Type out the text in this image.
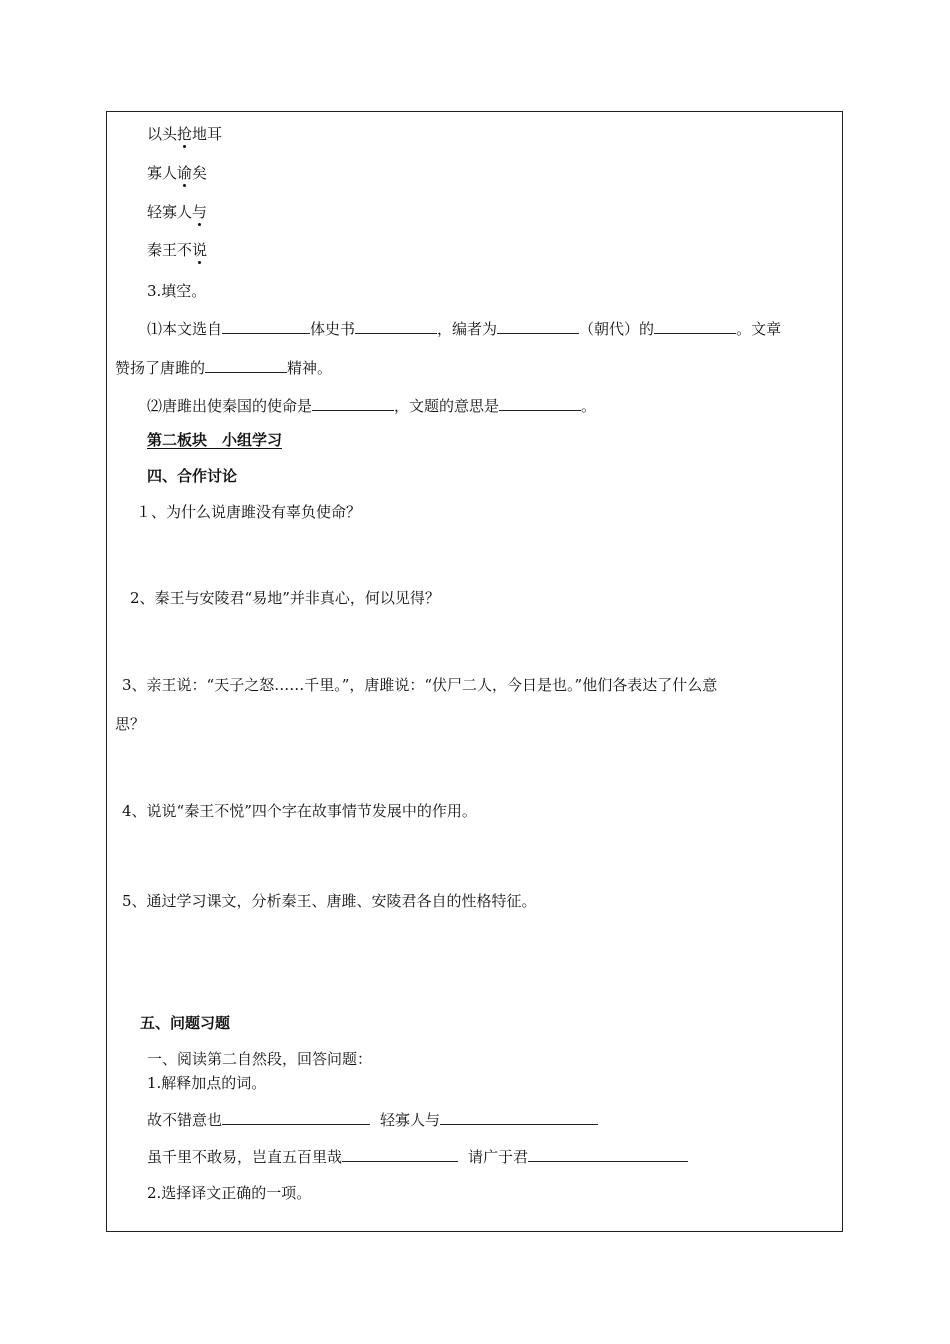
以头抢地耳
寡人谕矣
轻寡人与
秦王不说
3.填空。
⑴本文选自	体史书	，编者为	（朝代）的	。文章
赞扬了唐雎的	精神。
⑵唐雎出使秦国的使命是	，文题的意思是	。
第二板块　小组学习
四、合作讨论
１、为什么说唐雎没有辜负使命？
2、秦王与安陵君“易地”并非真心，何以见得？
3、亲王说：“天子之怒……千里。”，唐雎说：“伏尸二人，今日是也。”他们各表达了什么意
思？
4、说说“秦王不悦”四个字在故事情节发展中的作用。
5、通过学习课文，分析秦王、唐雎、安陵君各自的性格特征。
五、问题习题
一、阅读第二自然段，回答问题：
1.解释加点的词。
故不错意也	轻寡人与
虽千里不敢易，岂直五百里哉	请广于君
2.选择译文正确的一项。
